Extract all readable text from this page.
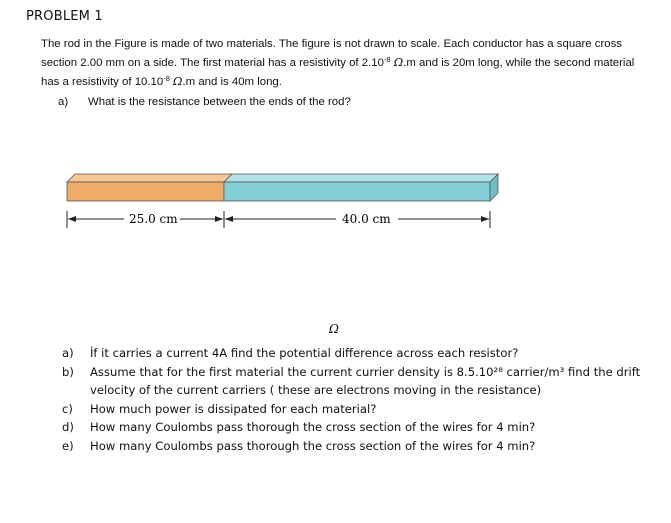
PROBLEM 1
The rod in the Figure is made of two materials. The figure is not drawn to scale. Each conductor has a square cross section 2.00 mm on a side. The first material has a resistivity of $2.10^{-8}$ Ω.m and is 20m long, while the second material has a resistivity of $10.10^{-8}$ Ω.m and is 40m long.
a) What is the resistance between the ends of the rod?
25.0 cm	40.0 cm
Ω
a)	İf it carries a current 4A find the potential difference across each resistor?
b)	Assume that for the first material the current currier density is 8.5.10²⁸ carrier/m³ find the drift velocity of the current carriers ( these are electrons moving in the resistance)
c)	How much power is dissipated for each material?
d)	How many Coulombs pass thorough the cross section of the wires for 4 min?
e)	How many Coulombs pass thorough the cross section of the wires for 4 min?
